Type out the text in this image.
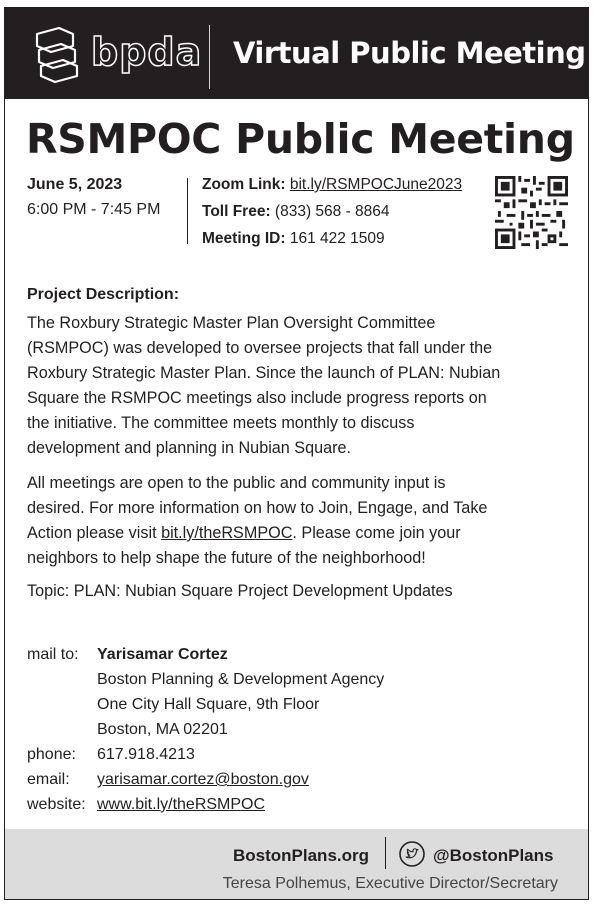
bpda Virtual Public Meeting
RSMPOC Public Meeting
June 5, 2023
6:00 PM - 7:45 PM
Zoom Link: bit.ly/RSMPOCJune2023
Toll Free: (833) 568 - 8864
Meeting ID: 161 422 1509
Project Description:
The Roxbury Strategic Master Plan Oversight Committee
(RSMPOC) was developed to oversee projects that fall under the
Roxbury Strategic Master Plan. Since the launch of PLAN: Nubian
Square the RSMPOC meetings also include progress reports on
the initiative. The committee meets monthly to discuss
development and planning in Nubian Square.
All meetings are open to the public and community input is
desired. For more information on how to Join, Engage, and Take
Action please visit bit.ly/theRSMPOC. Please come join your
neighbors to help shape the future of the neighborhood!
Topic: PLAN: Nubian Square Project Development Updates
mail to: Yarisamar Cortez
Boston Planning & Development Agency
One City Hall Square, 9th Floor
Boston, MA 02201
phone: 617.918.4213
email: yarisamar.cortez@boston.gov
website: www.bit.ly/theRSMPOC
BostonPlans.org	@BostonPlans
Teresa Polhemus, Executive Director/Secretary
